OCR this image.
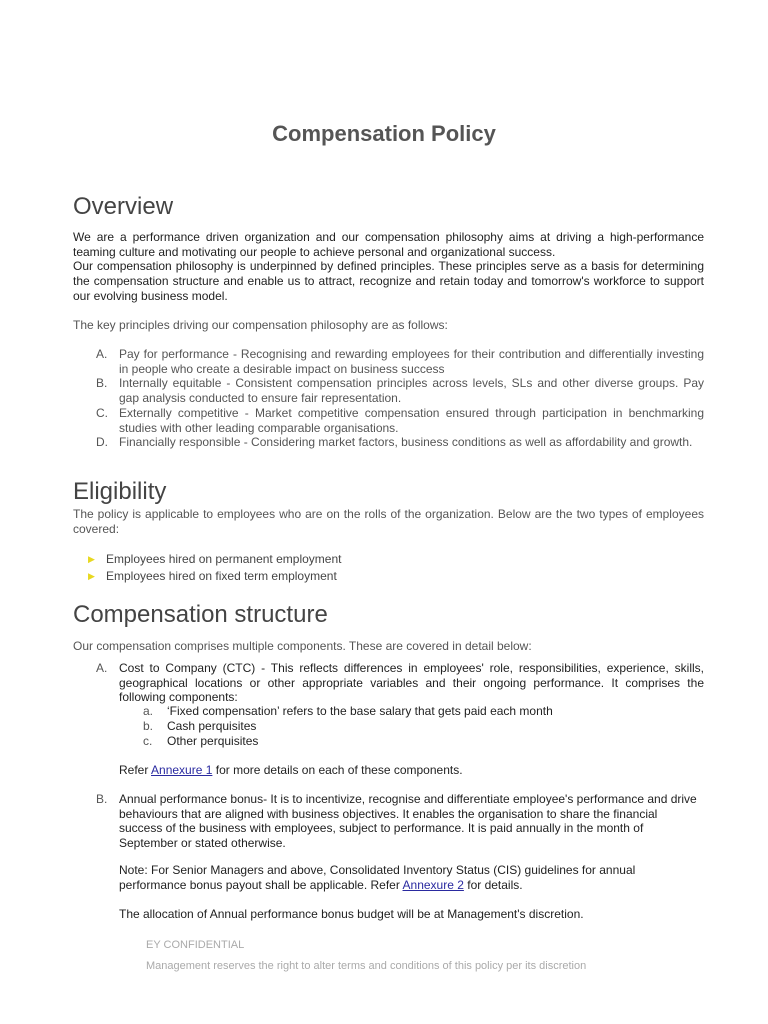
Compensation Policy
Overview
We are a performance driven organization and our compensation philosophy aims at driving a high-performance teaming culture and motivating our people to achieve personal and organizational success.
Our compensation philosophy is underpinned by defined principles. These principles serve as a basis for determining the compensation structure and enable us to attract, recognize and retain today and tomorrow's workforce to support our evolving business model.
The key principles driving our compensation philosophy are as follows:
A. Pay for performance - Recognising and rewarding employees for their contribution and differentially investing in people who create a desirable impact on business success
B. Internally equitable - Consistent compensation principles across levels, SLs and other diverse groups. Pay gap analysis conducted to ensure fair representation.
C. Externally competitive - Market competitive compensation ensured through participation in benchmarking studies with other leading comparable organisations.
D. Financially responsible - Considering market factors, business conditions as well as affordability and growth.
Eligibility
The policy is applicable to employees who are on the rolls of the organization. Below are the two types of employees covered:
▶ Employees hired on permanent employment
▶ Employees hired on fixed term employment
Compensation structure
Our compensation comprises multiple components. These are covered in detail below:
A. Cost to Company (CTC) - This reflects differences in employees' role, responsibilities, experience, skills, geographical locations or other appropriate variables and their ongoing performance. It comprises the following components:
a.	‘Fixed compensation’ refers to the base salary that gets paid each month
b.	Cash perquisites
c.	Other perquisites
Refer Annexure 1 for more details on each of these components.
B. Annual performance bonus- It is to incentivize, recognise and differentiate employee's performance and drive behaviours that are aligned with business objectives. It enables the organisation to share the financial success of the business with employees, subject to performance. It is paid annually in the month of September or stated otherwise.
Note: For Senior Managers and above, Consolidated Inventory Status (CIS) guidelines for annual performance bonus payout shall be applicable. Refer Annexure 2 for details.
The allocation of Annual performance bonus budget will be at Management's discretion.
EY CONFIDENTIAL
Management reserves the right to alter terms and conditions of this policy per its discretion
